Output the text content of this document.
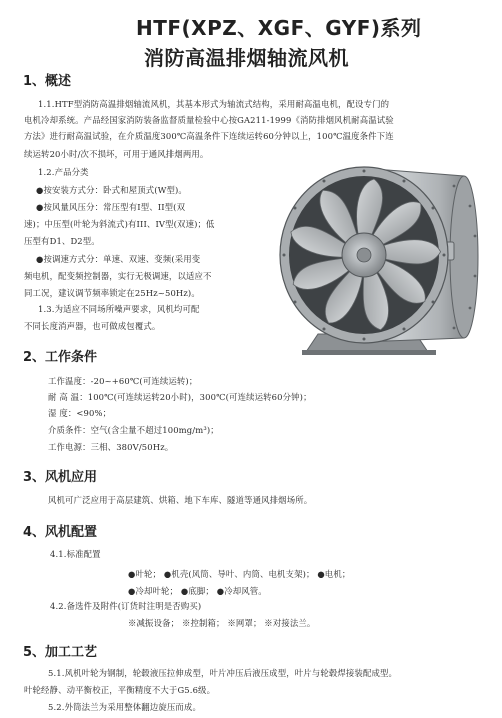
HTF(XPZ、XGF、GYF)系列
消防高温排烟轴流风机
1、概述
1.1.HTF型消防高温排烟轴流风机，其基本形式为轴流式结构，采用耐高温电机，配设专门的
电机冷却系统。产品经国家消防装备监督质量检验中心按GA211-1999《消防排烟风机耐高温试验
方法》进行耐高温试验，在介质温度300℃高温条件下连续运转60分钟以上，100℃温度条件下连
续运转20小时/次不损坏，可用于通风排烟两用。
1.2.产品分类
●按安装方式分：卧式和屋顶式(W型)。
●按风量风压分：常压型有I型、II型(双
速)；中压型(叶轮为斜流式)有III、IV型(双速)；低
压型有D1、D2型。
●按调速方式分：单速、双速、变频(采用变
频电机，配变频控制器，实行无极调速，以适应不
同工况，建议调节频率锁定在25Hz~50Hz)。
1.3.为适应不同场所噪声要求，风机均可配
不同长度消声器，也可做成包覆式。
2、工作条件
工作温度：-20~+60℃(可连续运转)；
耐 高 温：100℃(可连续运转20小时)，300℃(可连续运转60分钟)；
湿 度：<90%；
介质条件：空气(含尘量不超过100mg/m³)；
工作电源：三相、380V/50Hz。
3、风机应用
风机可广泛应用于高层建筑、烘箱、地下车库、隧道等通风排烟场所。
4、风机配置
4.1.标准配置
●叶轮； ●机壳(风筒、导叶、内筒、电机支架)； ●电机；
●冷却叶轮； ●底脚； ●冷却风管。
4.2.备选件及附件(订货时注明是否购买)
※减振设备； ※控制箱； ※网罩； ※对接法兰。
5、加工工艺
5.1.风机叶轮为钢制，轮毂液压拉伸成型，叶片冲压后液压成型，叶片与轮毂焊接装配成型。
叶轮经静、动平衡校正，平衡精度不大于G5.6级。
5.2.外筒法兰为采用整体翻边旋压而成。
